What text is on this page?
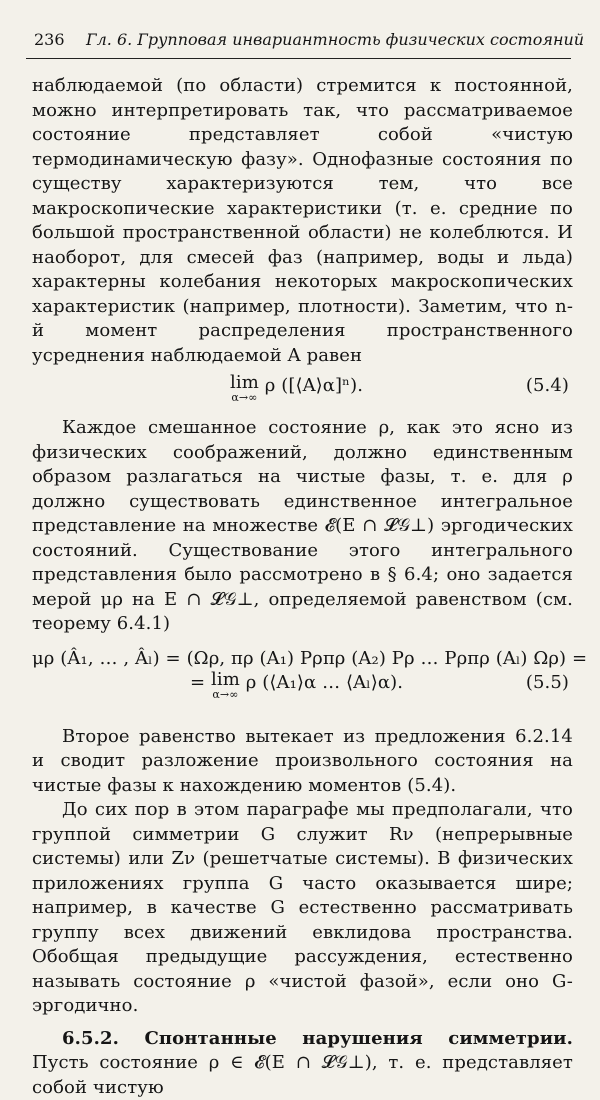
236 Гл. 6. Групповая инвариантность физических состояний

наблюдаемой (по области) стремится к постоянной, можно интерпретировать так, что рассматриваемое состояние представляет собой «чистую термодинамическую фазу». Однофазные состояния по существу характеризуются тем, что все макроскопические характеристики (т. е. средние по большой пространственной области) не колеблются. И наоборот, для смесей фаз (например, воды и льда) характерны колебания некоторых макроскопических характеристик (например, плотности). Заметим, что n-й момент распределения пространственного усреднения наблюдаемой A равен

lim
α→∞
ρ ([⟨A⟩α]ⁿ).	(5.4)

Каждое смешанное состояние ρ, как это ясно из физических соображений, должно единственным образом разлагаться на чистые фазы, т. е. для ρ должно существовать единственное интегральное представление на множестве 𝓔(E ∩ 𝓛𝒢⊥) эргодических состояний. Существование этого интегрального представления было рассмотрено в § 6.4; оно задается мерой μρ на E ∩ 𝓛𝒢⊥, определяемой равенством (см. теорему 6.4.1)

μρ (Â₁, … , Âₗ) = (Ωρ, πρ (A₁) Pρπρ (A₂) Pρ … Pρπρ (Aₗ) Ωρ) =
= lim
α→∞
ρ (⟨A₁⟩α … ⟨Aₗ⟩α).	(5.5)

Второе равенство вытекает из предложения 6.2.14 и сводит разложение произвольного состояния на чистые фазы к нахождению моментов (5.4).

До сих пор в этом параграфе мы предполагали, что группой симметрии G служит Rν (непрерывные системы) или Zν (решетчатые системы). В физических приложениях группа G часто оказывается шире; например, в качестве G естественно рассматривать группу всех движений евклидова пространства. Обобщая предыдущие рассуждения, естественно называть состояние ρ «чистой фазой», если оно G-эргодично.

6.5.2. Спонтанные нарушения симметрии. Пусть состояние ρ ∈ 𝓔(E ∩ 𝓛𝒢⊥), т. е. представляет собой чистую
